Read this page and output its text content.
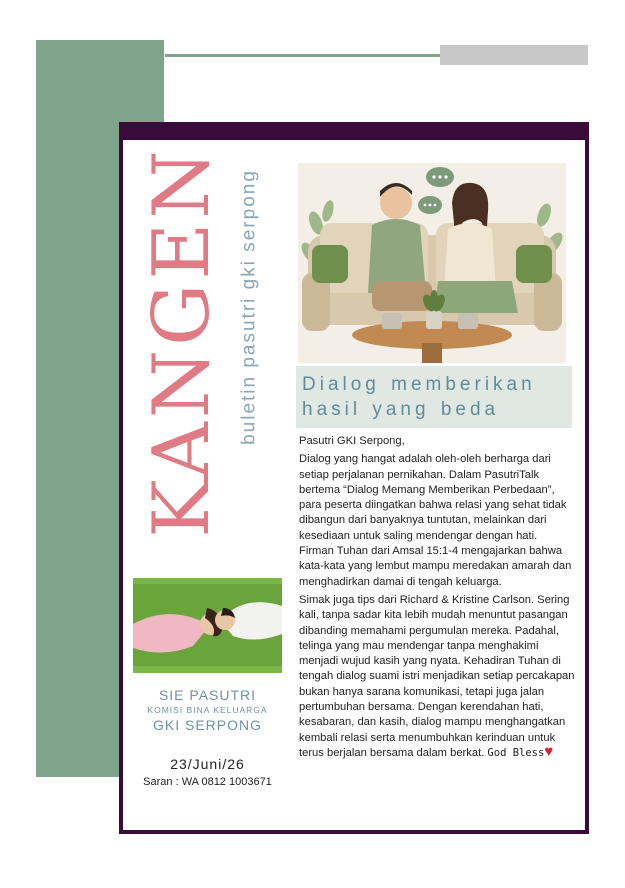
KANGEN buletin pasutri gki serpong Dialog memberikan hasil yang beda

Pasutri GKI Serpong,

Dialog yang hangat adalah oleh-oleh berharga dari setiap perjalanan pernikahan. Dalam PasutriTalk bertema “Dialog Memang Memberikan Perbedaan”, para peserta diingatkan bahwa relasi yang sehat tidak dibangun dari banyaknya tuntutan, melainkan dari kesediaan untuk saling mendengar dengan hati. Firman Tuhan dari Amsal 15:1-4 mengajarkan bahwa kata-kata yang lembut mampu meredakan amarah dan menghadirkan damai di tengah keluarga.

Simak juga tips dari Richard & Kristine Carlson. Sering kali, tanpa sadar kita lebih mudah menuntut pasangan dibanding memahami pergumulan mereka. Padahal, telinga yang mau mendengar tanpa menghakimi menjadi wujud kasih yang nyata. Kehadiran Tuhan di tengah dialog suami istri menjadikan setiap percakapan bukan hanya sarana komunikasi, tetapi juga jalan pertumbuhan bersama. Dengan kerendahan hati, kesabaran, dan kasih, dialog mampu menghangatkan kembali relasi serta menumbuhkan kerinduan untuk terus berjalan bersama dalam berkat. God Bless♥

SIE PASUTRI
KOMISI BINA KELUARGA
GKI SERPONG
23/Juni/26
Saran : WA 0812 1003671
